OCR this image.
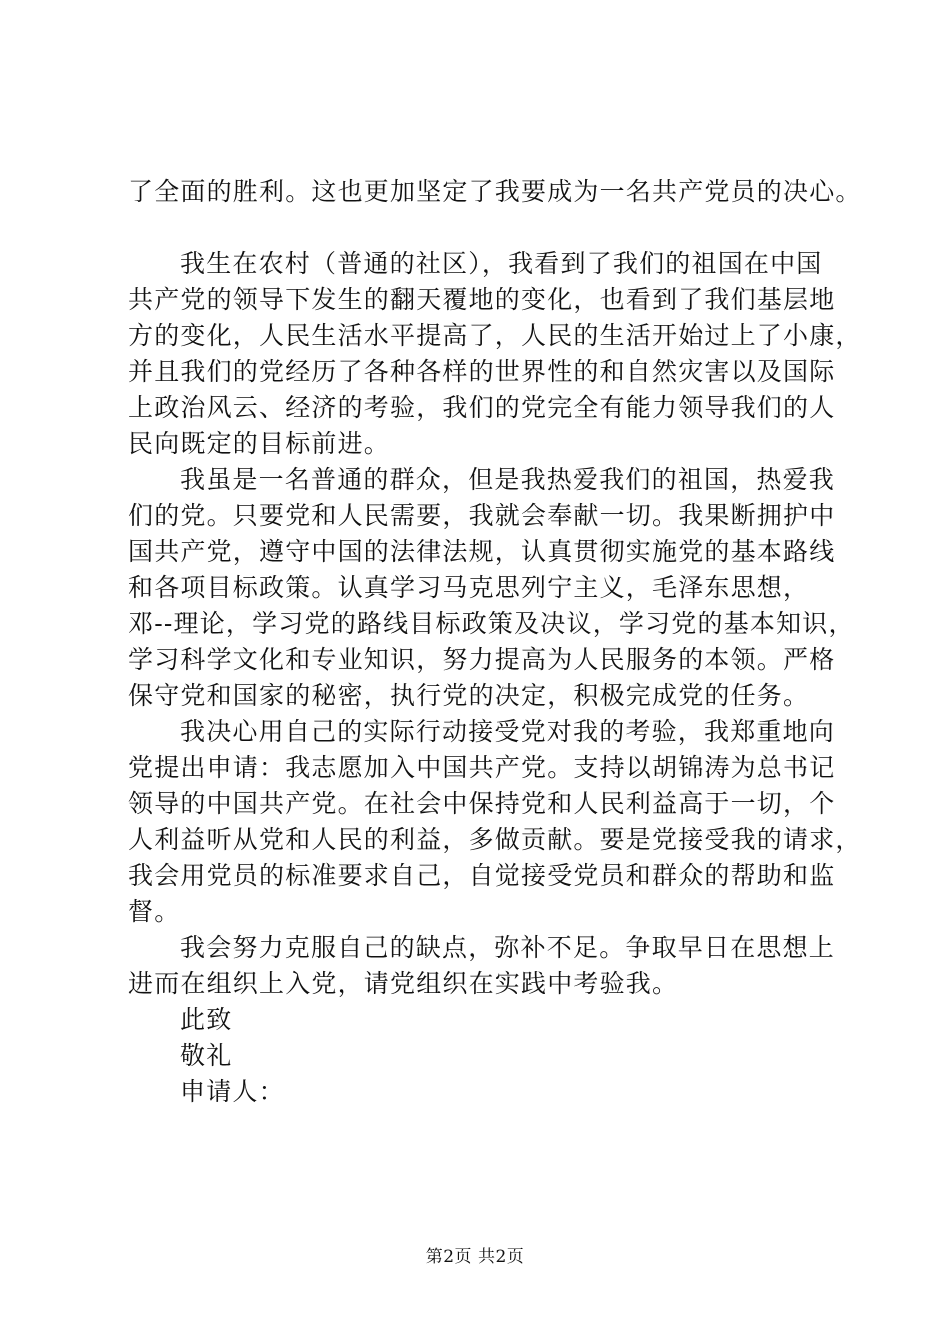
了全面的胜利。这也更加坚定了我要成为一名共产党员的决心。
我生在农村（普通的社区），我看到了我们的祖国在中国
共产党的领导下发生的翻天覆地的变化，也看到了我们基层地
方的变化，人民生活水平提高了，人民的生活开始过上了小康，
并且我们的党经历了各种各样的世界性的和自然灾害以及国际
上政治风云、经济的考验，我们的党完全有能力领导我们的人
民向既定的目标前进。
我虽是一名普通的群众，但是我热爱我们的祖国，热爱我
们的党。只要党和人民需要，我就会奉献一切。我果断拥护中
国共产党，遵守中国的法律法规，认真贯彻实施党的基本路线
和各项目标政策。认真学习马克思列宁主义，毛泽东思想，
邓--理论，学习党的路线目标政策及决议，学习党的基本知识，
学习科学文化和专业知识，努力提高为人民服务的本领。严格
保守党和国家的秘密，执行党的决定，积极完成党的任务。
我决心用自己的实际行动接受党对我的考验，我郑重地向
党提出申请：我志愿加入中国共产党。支持以胡锦涛为总书记
领导的中国共产党。在社会中保持党和人民利益高于一切，个
人利益听从党和人民的利益，多做贡献。要是党接受我的请求，
我会用党员的标准要求自己，自觉接受党员和群众的帮助和监
督。
我会努力克服自己的缺点，弥补不足。争取早日在思想上
进而在组织上入党，请党组织在实践中考验我。
此致
敬礼
申请人：
第2页 共2页
